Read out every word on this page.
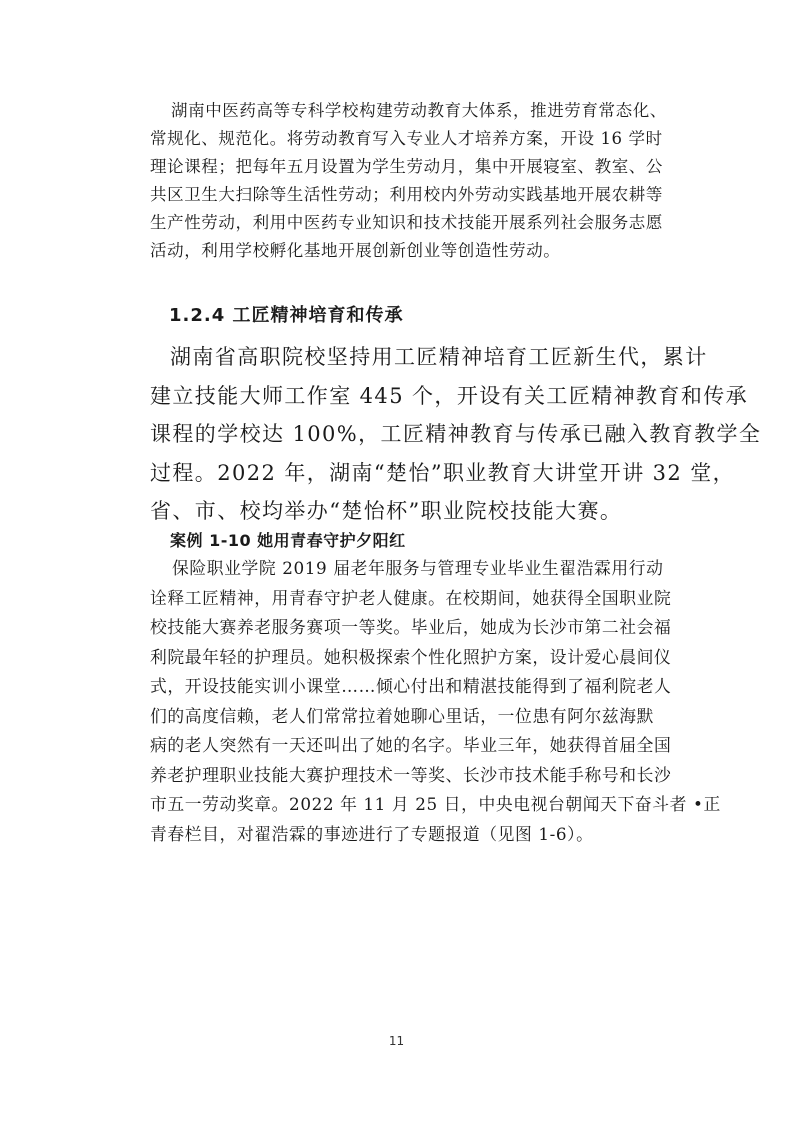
湖南中医药高等专科学校构建劳动教育大体系，推进劳育常态化、
常规化、规范化。将劳动教育写入专业人才培养方案，开设 16 学时
理论课程；把每年五月设置为学生劳动月，集中开展寝室、教室、公
共区卫生大扫除等生活性劳动；利用校内外劳动实践基地开展农耕等
生产性劳动，利用中医药专业知识和技术技能开展系列社会服务志愿
活动，利用学校孵化基地开展创新创业等创造性劳动。

1.2.4 工匠精神培育和传承

湖南省高职院校坚持用工匠精神培育工匠新生代，累计
建立技能大师工作室 445 个，开设有关工匠精神教育和传承
课程的学校达 100%，工匠精神教育与传承已融入教育教学全
过程。2022 年，湖南“楚怡”职业教育大讲堂开讲 32 堂，
省、市、校均举办“楚怡杯”职业院校技能大赛。

案例 1-10 她用青春守护夕阳红

保险职业学院 2019 届老年服务与管理专业毕业生翟浩霖用行动
诠释工匠精神，用青春守护老人健康。在校期间，她获得全国职业院
校技能大赛养老服务赛项一等奖。毕业后，她成为长沙市第二社会福
利院最年轻的护理员。她积极探索个性化照护方案，设计爱心晨间仪
式，开设技能实训小课堂……倾心付出和精湛技能得到了福利院老人
们的高度信赖，老人们常常拉着她聊心里话，一位患有阿尔兹海默
病的老人突然有一天还叫出了她的名字。毕业三年，她获得首届全国
养老护理职业技能大赛护理技术一等奖、长沙市技术能手称号和长沙
市五一劳动奖章。2022 年 11 月 25 日，中央电视台朝闻天下奋斗者 •正
青春栏目，对翟浩霖的事迹进行了专题报道（见图 1-6）。

11
